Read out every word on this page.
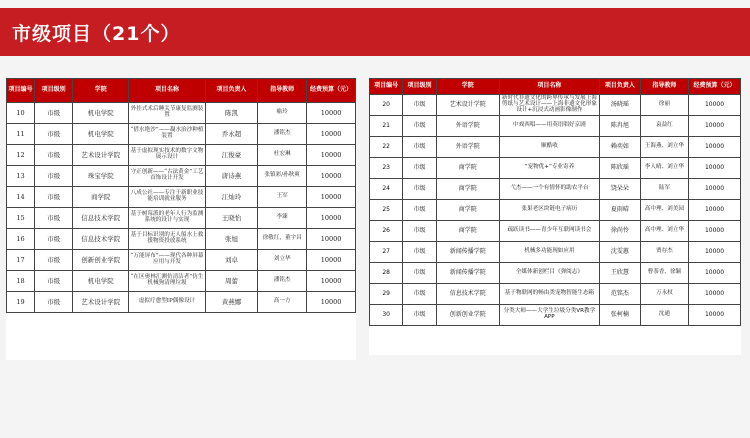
市级项目（21个）
项目编号	项目级别	学院	项目名称	项目负责人	指导教师	经费预算（元）
10	市级	机电学院	外挂式术后睡关节康复监测装置	陈凯	喻玲	10000
11	市级	机电学院	“借水绝沙”——凝水治沙种植装置	乔永超	潘铭杰	10000
12	市级	艺术设计学院	基于虚拟现实技术的数字文物展示设计	江俊豪	杜宏琳	10000
13	市级	珠宝学院	守正创新——“古法黄金”工艺首饰设计开发	唐诗燕	张镇彩/孙秋爽	10000
14	市级	商学院	八成公社——专注于新职业技能培训就业服务	江灿玲	王军	10000
15	市级	信息技术学院	基于树莓派的老年人行为监测系统的设计与实现	王晓怡	李臻	10000
16	市级	信息技术学院	基于目标识别的无人船水上救援物资投放系统	张旭	徐敬红，董宇昌	10000
17	市级	创新创业学院	“万能屏布”——现代各种屏幕应用与开发	刘卓	刘立华	10000
18	市级	机电学院	“在区奥林汇测仿清洁者”仿生机械狗清理垃圾	周蕾	潘铭杰	10000
19	市级	艺术设计学院	虚拟疗愈型IP偶像设计	黄燕娜	高一方	10000
项目编号	项目级别	学院	项目名称	项目负责人	指导教师	经费预算（元）
20	市级	艺术设计学院	新时代非遗文化的跨界传承与发展上海剪纸与艺术设计——上海非遗文化形象设计+沉浸式动画影像制作	汤晓瑶	徐丽	10000
21	市级	外语学院	中戏西唱——用英语唱好京剧	陈冉旭	袁益红	10000
22	市级	外语学院	顺酷收	赖奕如	王海燕、刘立华	10000
23	市级	商学院	“宠物优+”专业寄养	陈欣瑶	李人晴、刘立华	10000
24	市级	商学院	弋杰——一个有情怀的助农平台	饶朵朵	陆军	10000
25	市级	商学院	张果老区块链电子病历	夏雨晴	高中理、刘美园	10000
26	市级	商学院	疏跃读书——青少年互联网读书会	徐尚怜	高中理、刘立华	10000
27	市级	新闻传播学院	机械多功能现如应用	沈雯蕙	贾存杰	10000
28	市级	新闻传播学院	全媒体新创栏目《弹阅志》	王欣慧	曹茶香、徐颖	10000
29	市级	信息技术学院	基于物联网的畅由类宠物智能生态箱	范铭杰	万永权	10000
30	市级	创新创业学院	分类大师——大学生垃圾分类VR教学APP	张柯楠	沈通	10000
